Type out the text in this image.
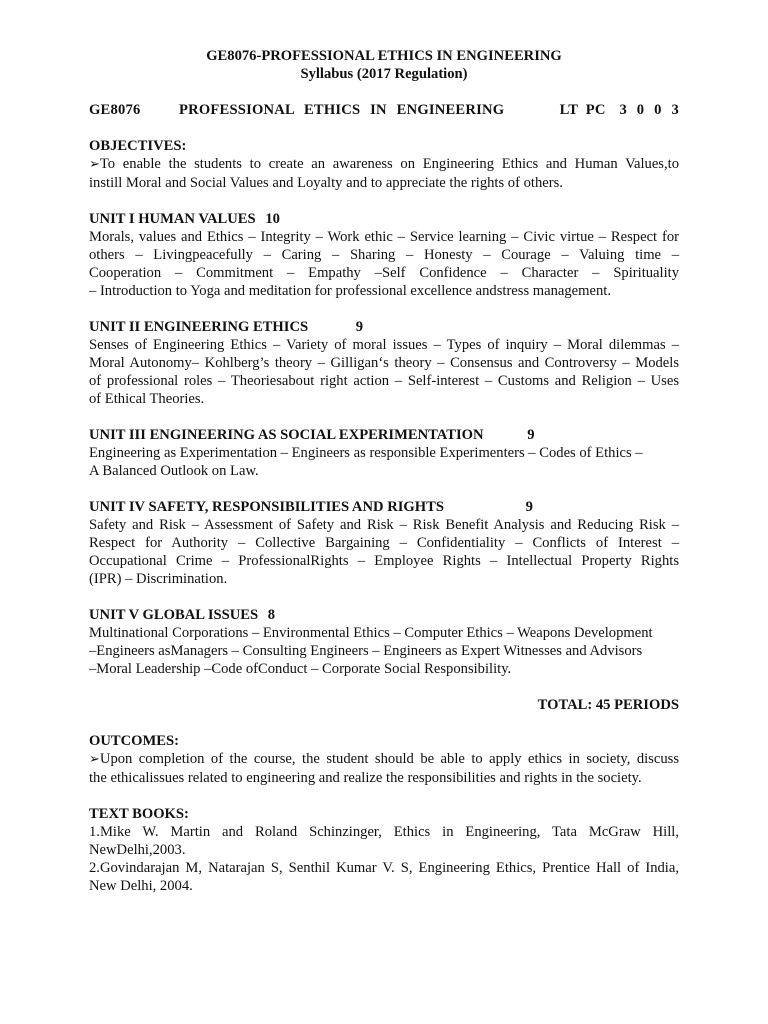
GE8076-PROFESSIONAL ETHICS IN ENGINEERING

Syllabus (2017 Regulation)

GE8076	PROFESSIONAL ETHICS IN ENGINEERING	LT PC 3 0 0 3

OBJECTIVES:

➢To enable the students to create an awareness on Engineering Ethics and Human Values,to

instill Moral and Social Values and Loyalty and to appreciate the rights of others.

UNIT I HUMAN VALUES 10

Morals, values and Ethics – Integrity – Work ethic – Service learning – Civic virtue – Respect for

others – Livingpeacefully – Caring – Sharing – Honesty – Courage – Valuing time –

Cooperation – Commitment – Empathy –Self Confidence – Character – Spirituality

– Introduction to Yoga and meditation for professional excellence andstress management.

UNIT II ENGINEERING ETHICS	9

Senses of Engineering Ethics – Variety of moral issues – Types of inquiry – Moral dilemmas –

Moral Autonomy– Kohlberg’s theory – Gilligan‘s theory – Consensus and Controversy – Models

of professional roles – Theoriesabout right action – Self-interest – Customs and Religion – Uses

of Ethical Theories.

UNIT III ENGINEERING AS SOCIAL EXPERIMENTATION	9

Engineering as Experimentation – Engineers as responsible Experimenters – Codes of Ethics –

A Balanced Outlook on Law.

UNIT IV SAFETY, RESPONSIBILITIES AND RIGHTS	9

Safety and Risk – Assessment of Safety and Risk – Risk Benefit Analysis and Reducing Risk –

Respect for Authority – Collective Bargaining – Confidentiality – Conflicts of Interest –

Occupational Crime – ProfessionalRights – Employee Rights – Intellectual Property Rights

(IPR) – Discrimination.

UNIT V GLOBAL ISSUES 8

Multinational Corporations – Environmental Ethics – Computer Ethics – Weapons Development

–Engineers asManagers – Consulting Engineers – Engineers as Expert Witnesses and Advisors

–Moral Leadership –Code ofConduct – Corporate Social Responsibility.

TOTAL: 45 PERIODS

OUTCOMES:

➢Upon completion of the course, the student should be able to apply ethics in society, discuss

the ethicalissues related to engineering and realize the responsibilities and rights in the society.

TEXT BOOKS:

1.Mike W. Martin and Roland Schinzinger, Ethics in Engineering, Tata McGraw Hill,

NewDelhi,2003.

2.Govindarajan M, Natarajan S, Senthil Kumar V. S, Engineering Ethics, Prentice Hall of India,

New Delhi, 2004.
